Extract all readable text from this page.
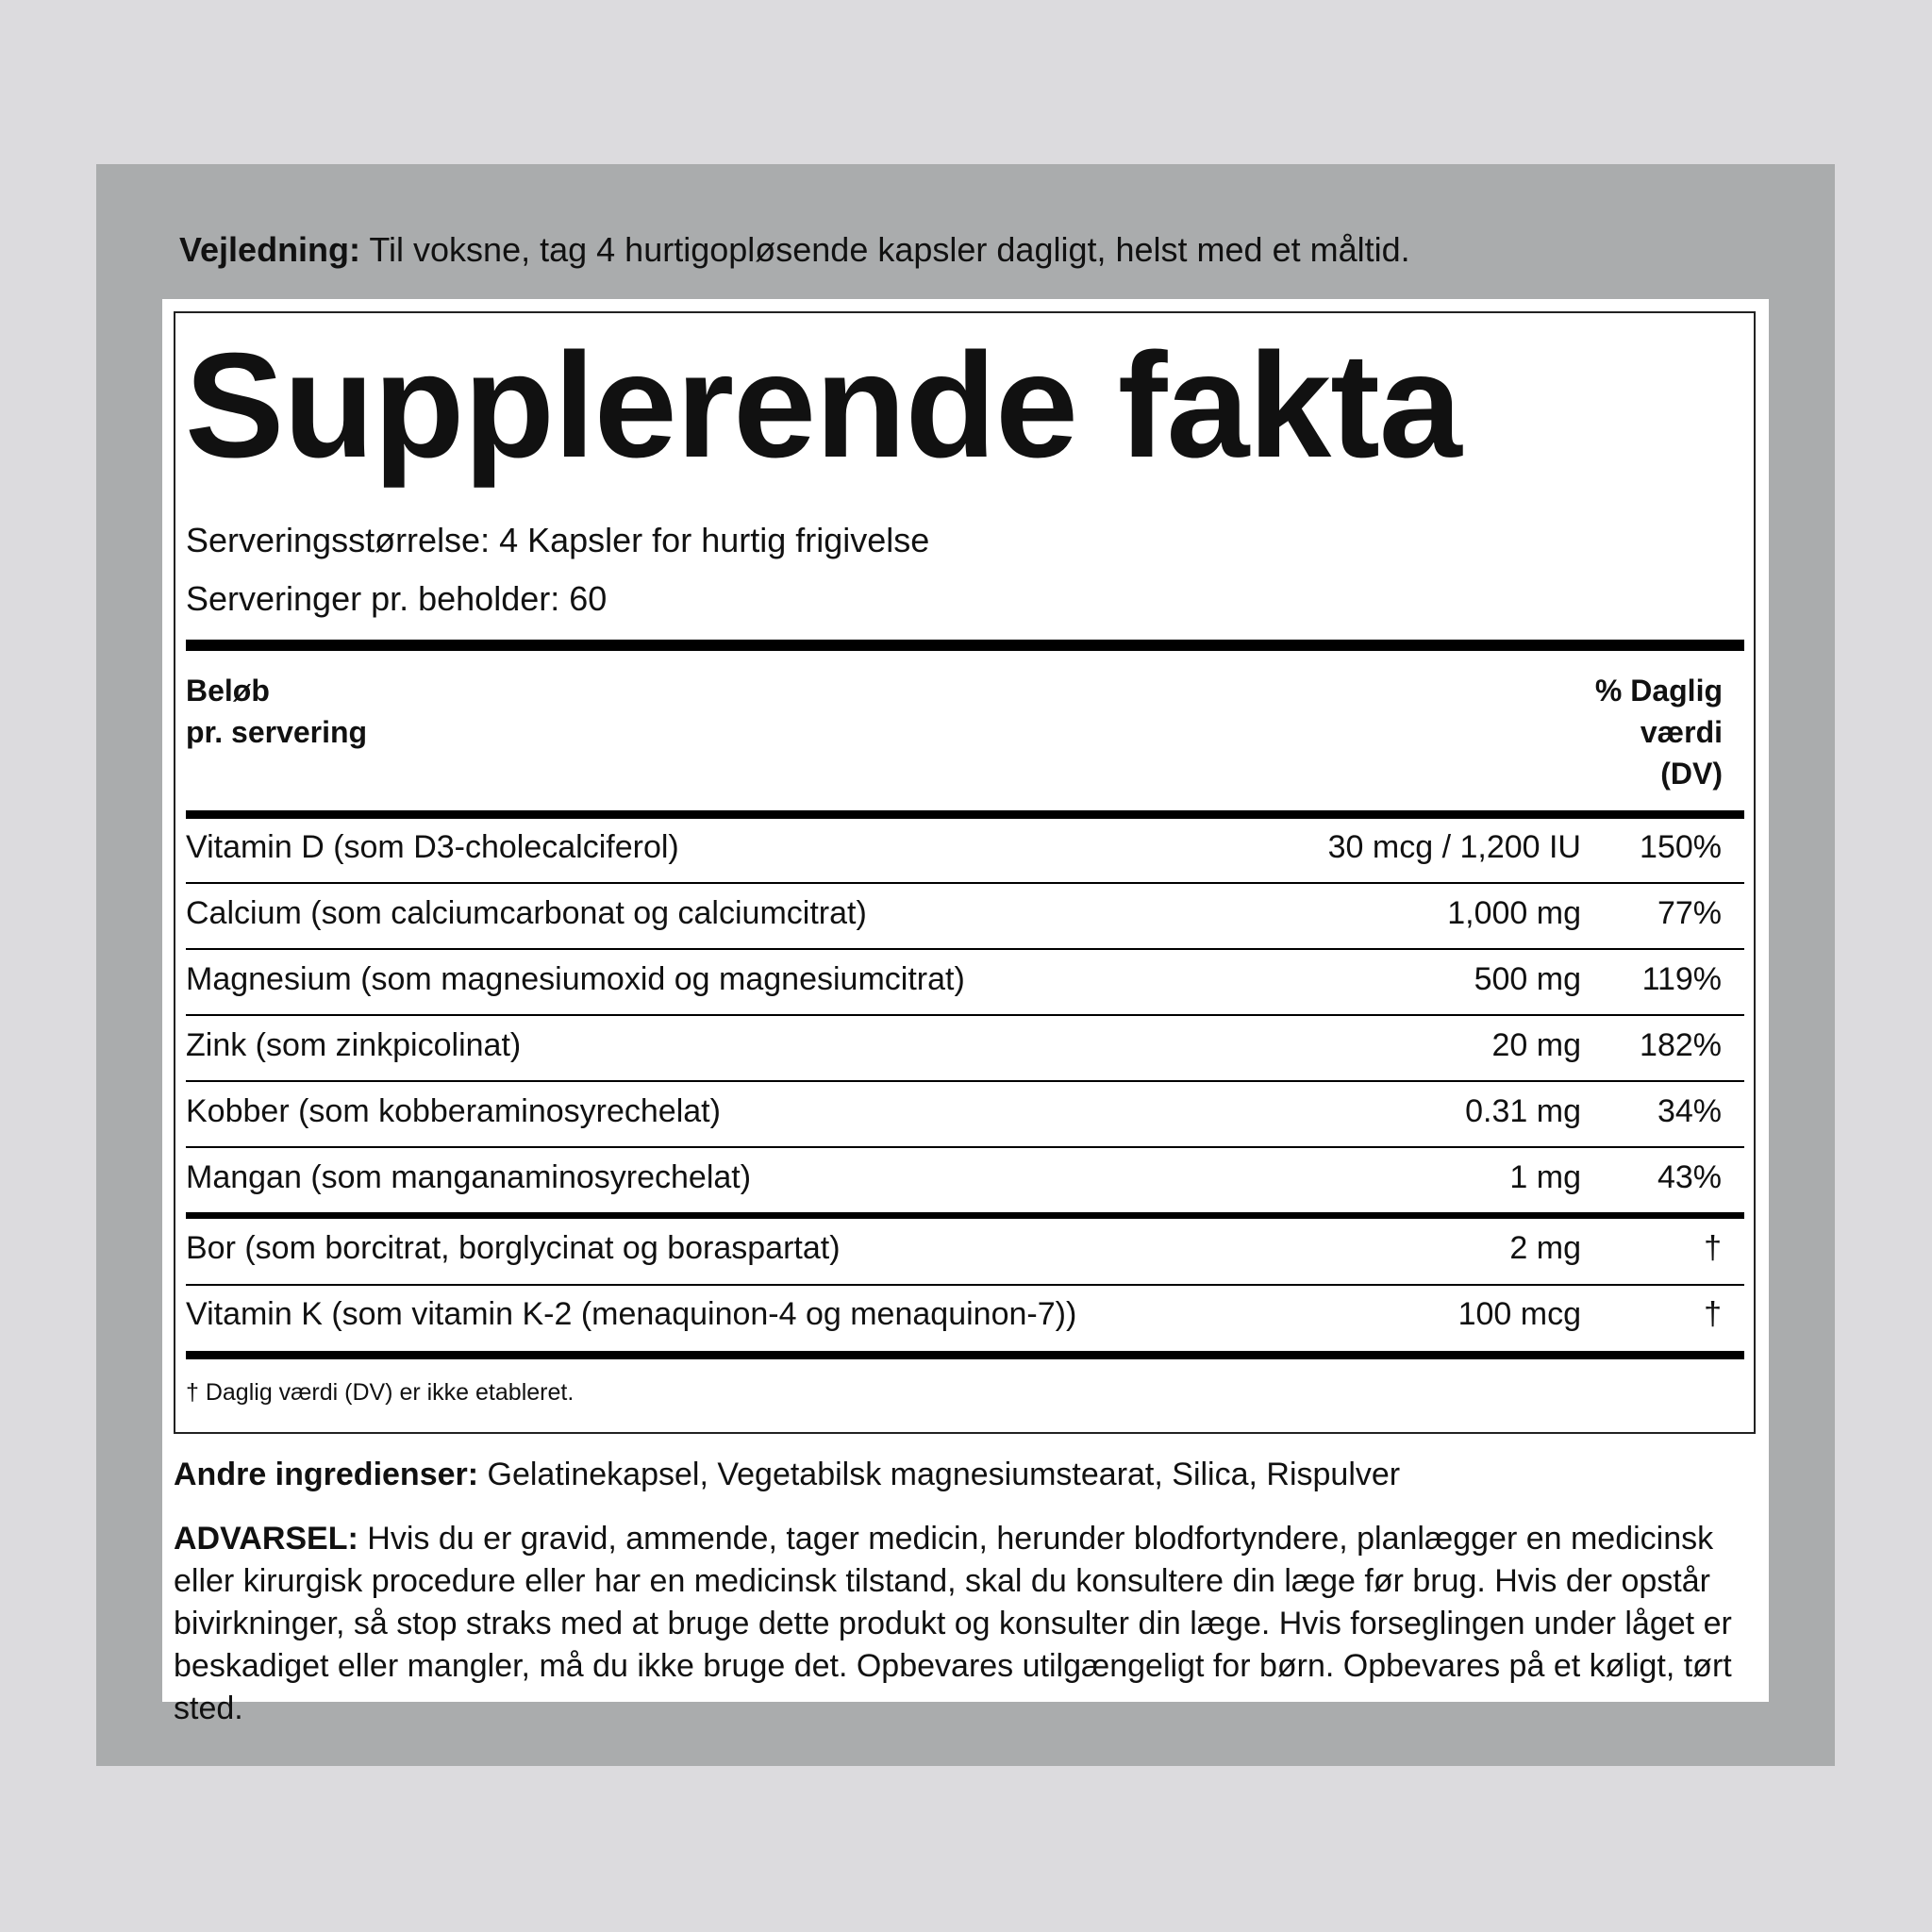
Vejledning: Til voksne, tag 4 hurtigopløsende kapsler dagligt, helst med et måltid.
Supplerende fakta
Serveringsstørrelse: 4 Kapsler for hurtig frigivelse
Serveringer pr. beholder: 60
Beløb
pr. servering
% Daglig
værdi
(DV)
Vitamin D (som D3-cholecalciferol)	30 mcg / 1,200 IU 150%
Calcium (som calciumcarbonat og calciumcitrat)	1,000 mg 77%
Magnesium (som magnesiumoxid og magnesiumcitrat)	500 mg 119%
Zink (som zinkpicolinat)	20 mg 182%
Kobber (som kobberaminosyrechelat)	0.31 mg 34%
Mangan (som manganaminosyrechelat)	1 mg 43%
Bor (som borcitrat, borglycinat og boraspartat)	2 mg	†
Vitamin K (som vitamin K-2 (menaquinon-4 og menaquinon-7))	100 mcg	†
† Daglig værdi (DV) er ikke etableret.
Andre ingredienser: Gelatinekapsel, Vegetabilsk magnesiumstearat, Silica, Rispulver
ADVARSEL: Hvis du er gravid, ammende, tager medicin, herunder blodfortyndere, planlægger en medicinsk eller kirurgisk procedure eller har en medicinsk tilstand, skal du konsultere din læge før brug. Hvis der opstår bivirkninger, så stop straks med at bruge dette produkt og konsulter din læge. Hvis forseglingen under låget er beskadiget eller mangler, må du ikke bruge det. Opbevares utilgængeligt for børn. Opbevares på et køligt, tørt sted.
